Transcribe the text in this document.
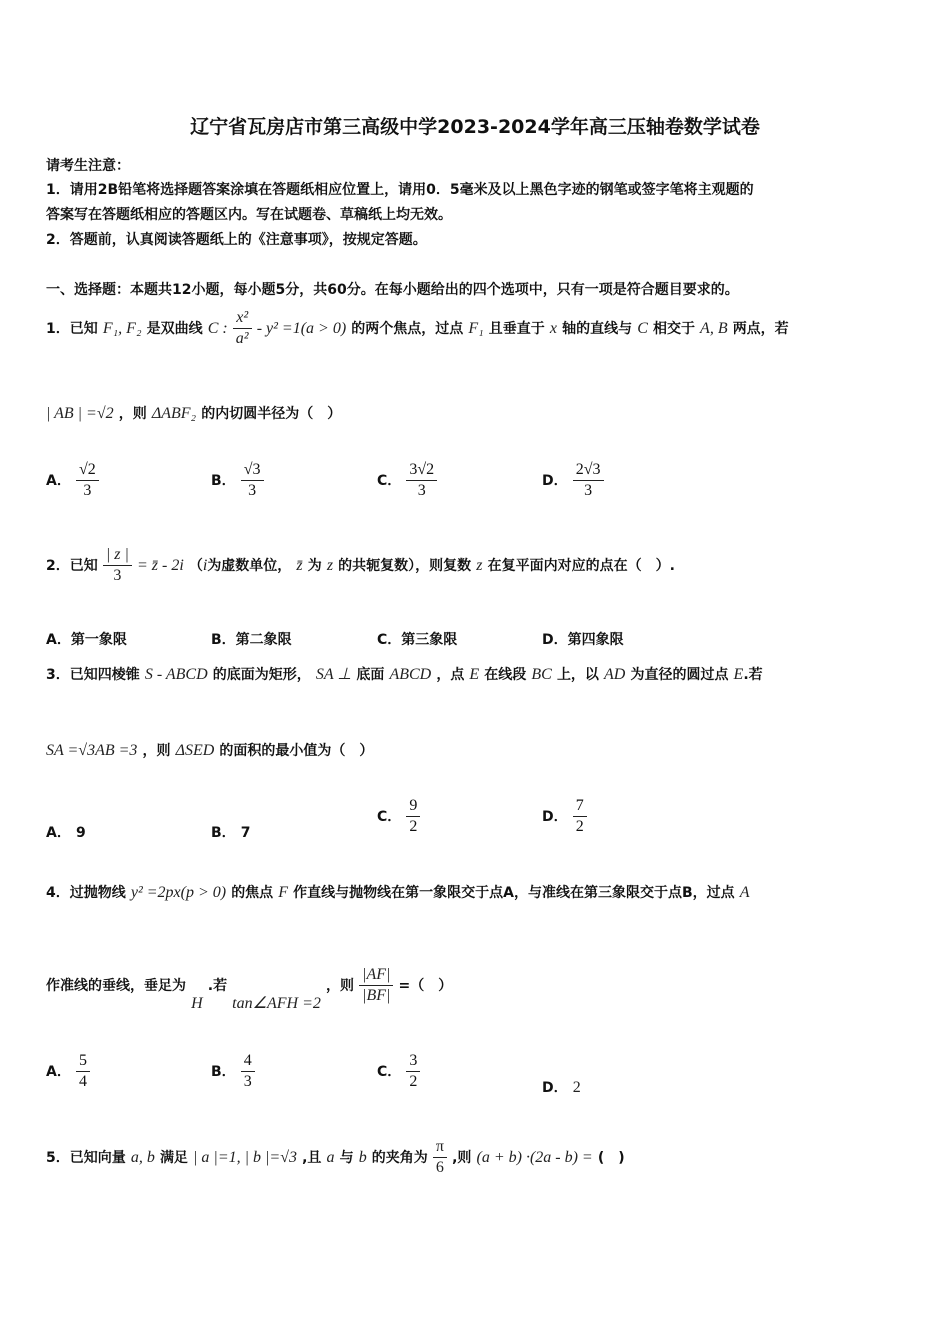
辽宁省瓦房店市第三高级中学2023-2024学年高三压轴卷数学试卷
请考生注意：
1．请用2B铅笔将选择题答案涂填在答题纸相应位置上，请用0．5毫米及以上黑色字迹的钢笔或签字笔将主观题的
答案写在答题纸相应的答题区内。写在试题卷、草稿纸上均无效。
2．答题前，认真阅读答题纸上的《注意事项》，按规定答题。
一、选择题：本题共12小题，每小题5分，共60分。在每小题给出的四个选项中，只有一项是符合题目要求的。
1．已知 F₁, F₂ 是双曲线 C : $\frac{\text{x²}}{\text{a²}} - y^2 =1(a > 0)$ 的两个焦点，过点 F₁ 且垂直于 x 轴的直线与 C 相交于 A, B 两点，若
| AB | =√2 ，则 ΔABF₂ 的内切圆半径为（　）
A． $\frac{√2}{3}$	B． $\frac{√3}{3}$	C． $\frac{3√2}{3}$	D． $\frac{2√3}{3}$
2．已知 $\frac{| z |}{3}$ = z̄ - 2i （i为虚数单位， z̄ 为 z 的共轭复数），则复数 z 在复平面内对应的点在（　）.
A．第一象限	B．第二象限	C．第三象限	D．第四象限
3．已知四棱锥 S - ABCD 的底面为矩形， SA ⊥ 底面 ABCD ，点 E 在线段 BC 上，以 AD 为直径的圆过点 E.若
SA =√3AB =3 ，则 ΔSED 的面积的最小值为（　）
A． 9	B． 7
C． $\frac{9}{2}$	D． $\frac{7}{2}$
4．过抛物线 y² =2px(p > 0) 的焦点 F 作直线与抛物线在第一象限交于点A，与准线在第三象限交于点B，过点 A
作准线的垂线，垂足为 H .若 tan∠AFH =2 ，则 $\frac{|AF|}{|BF|}$ =（　）
A． $\frac{5}{4}$	B． $\frac{4}{3}$	C． $\frac{3}{2}$	D． 2
5．已知向量 a, b 满足 | a |=1, | b |=√3 ,且 a 与 b 的夹角为 $\frac{\pi}{6}$ ,则 (a + b) ·(2a - b) = (　)
